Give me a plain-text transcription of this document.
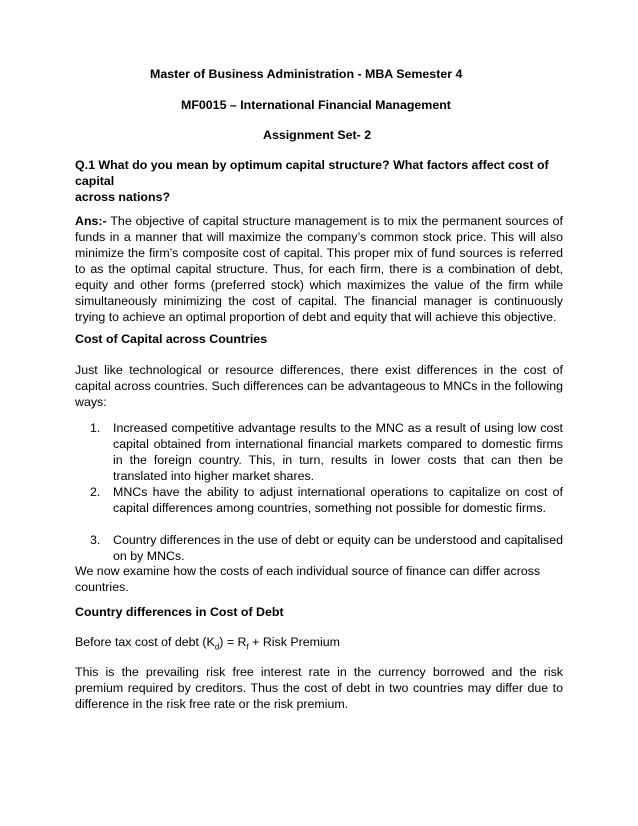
Master of Business Administration - MBA Semester 4
MF0015 – International Financial Management
Assignment Set- 2
Q.1 What do you mean by optimum capital structure? What factors affect cost of
capital
across nations?

Ans:- The objective of capital structure management is to mix the permanent sources of funds in a manner that will maximize the company’s common stock price. This will also minimize the firm’s composite cost of capital. This proper mix of fund sources is referred to as the optimal capital structure. Thus, for each firm, there is a combination of debt, equity and other forms (preferred stock) which maximizes the value of the firm while simultaneously minimizing the cost of capital. The financial manager is continuously trying to achieve an optimal proportion of debt and equity that will achieve this objective.

Cost of Capital across Countries

Just like technological or resource differences, there exist differences in the cost of capital across countries. Such differences can be advantageous to MNCs in the following ways:

1. Increased competitive advantage results to the MNC as a result of using low cost capital obtained from international financial markets compared to domestic firms in the foreign country. This, in turn, results in lower costs that can then be translated into higher market shares.
2. MNCs have the ability to adjust international operations to capitalize on cost of capital differences among countries, something not possible for domestic firms.
3. Country differences in the use of debt or equity can be understood and capitalised on by MNCs.

We now examine how the costs of each individual source of finance can differ across countries.

Country differences in Cost of Debt

Before tax cost of debt $(K_d) = R_f$ + Risk Premium

This is the prevailing risk free interest rate in the currency borrowed and the risk premium required by creditors. Thus the cost of debt in two countries may differ due to difference in the risk free rate or the risk premium.
